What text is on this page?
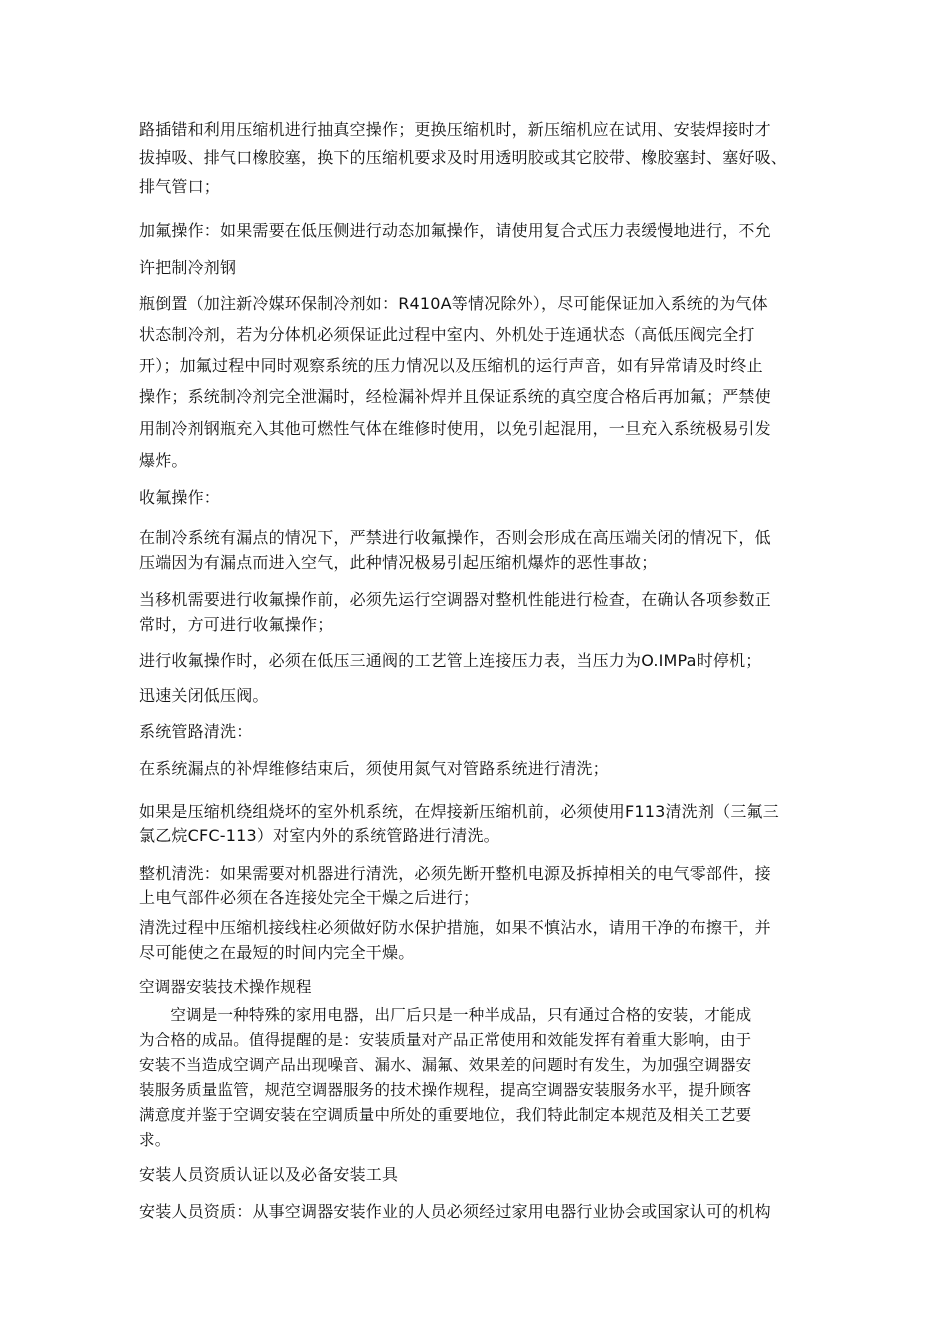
路插错和利用压缩机进行抽真空操作；更换压缩机时，新压缩机应在试用、安装焊接时才
拔掉吸、排气口橡胶塞，换下的压缩机要求及时用透明胶或其它胶带、橡胶塞封、塞好吸、
排气管口；
加氟操作：如果需要在低压侧进行动态加氟操作，请使用复合式压力表缓慢地进行，不允
许把制冷剂钢
瓶倒置（加注新冷媒环保制冷剂如：R410A等情况除外），尽可能保证加入系统的为气体
状态制冷剂，若为分体机必须保证此过程中室内、外机处于连通状态（高低压阀完全打
开）；加氟过程中同时观察系统的压力情况以及压缩机的运行声音，如有异常请及时终止
操作；系统制冷剂完全泄漏时，经检漏补焊并且保证系统的真空度合格后再加氟；严禁使
用制冷剂钢瓶充入其他可燃性气体在维修时使用，以免引起混用，一旦充入系统极易引发
爆炸。
收氟操作：
在制冷系统有漏点的情况下，严禁进行收氟操作，否则会形成在高压端关闭的情况下，低
压端因为有漏点而进入空气，此种情况极易引起压缩机爆炸的恶性事故；
当移机需要进行收氟操作前，必须先运行空调器对整机性能进行检查，在确认各项参数正
常时，方可进行收氟操作；
进行收氟操作时，必须在低压三通阀的工艺管上连接压力表，当压力为O.IMPa时停机；
迅速关闭低压阀。
系统管路清洗：
在系统漏点的补焊维修结束后，须使用氮气对管路系统进行清洗；
如果是压缩机绕组烧坏的室外机系统，在焊接新压缩机前，必须使用F113清洗剂（三氟三
氯乙烷CFC-113）对室内外的系统管路进行清洗。
整机清洗：如果需要对机器进行清洗，必须先断开整机电源及拆掉相关的电气零部件，接
上电气部件必须在各连接处完全干燥之后进行；
清洗过程中压缩机接线柱必须做好防水保护措施，如果不慎沾水，请用干净的布擦干，并
尽可能使之在最短的时间内完全干燥。
空调器安装技术操作规程
　　空调是一种特殊的家用电器，出厂后只是一种半成品，只有通过合格的安装，才能成
为合格的成品。值得提醒的是：安装质量对产品正常使用和效能发挥有着重大影响，由于
安装不当造成空调产品出现噪音、漏水、漏氟、效果差的问题时有发生，为加强空调器安
装服务质量监管，规范空调器服务的技术操作规程，提高空调器安装服务水平，提升顾客
满意度并鉴于空调安装在空调质量中所处的重要地位，我们特此制定本规范及相关工艺要
求。
安装人员资质认证以及必备安装工具
安装人员资质：从事空调器安装作业的人员必须经过家用电器行业协会或国家认可的机构
